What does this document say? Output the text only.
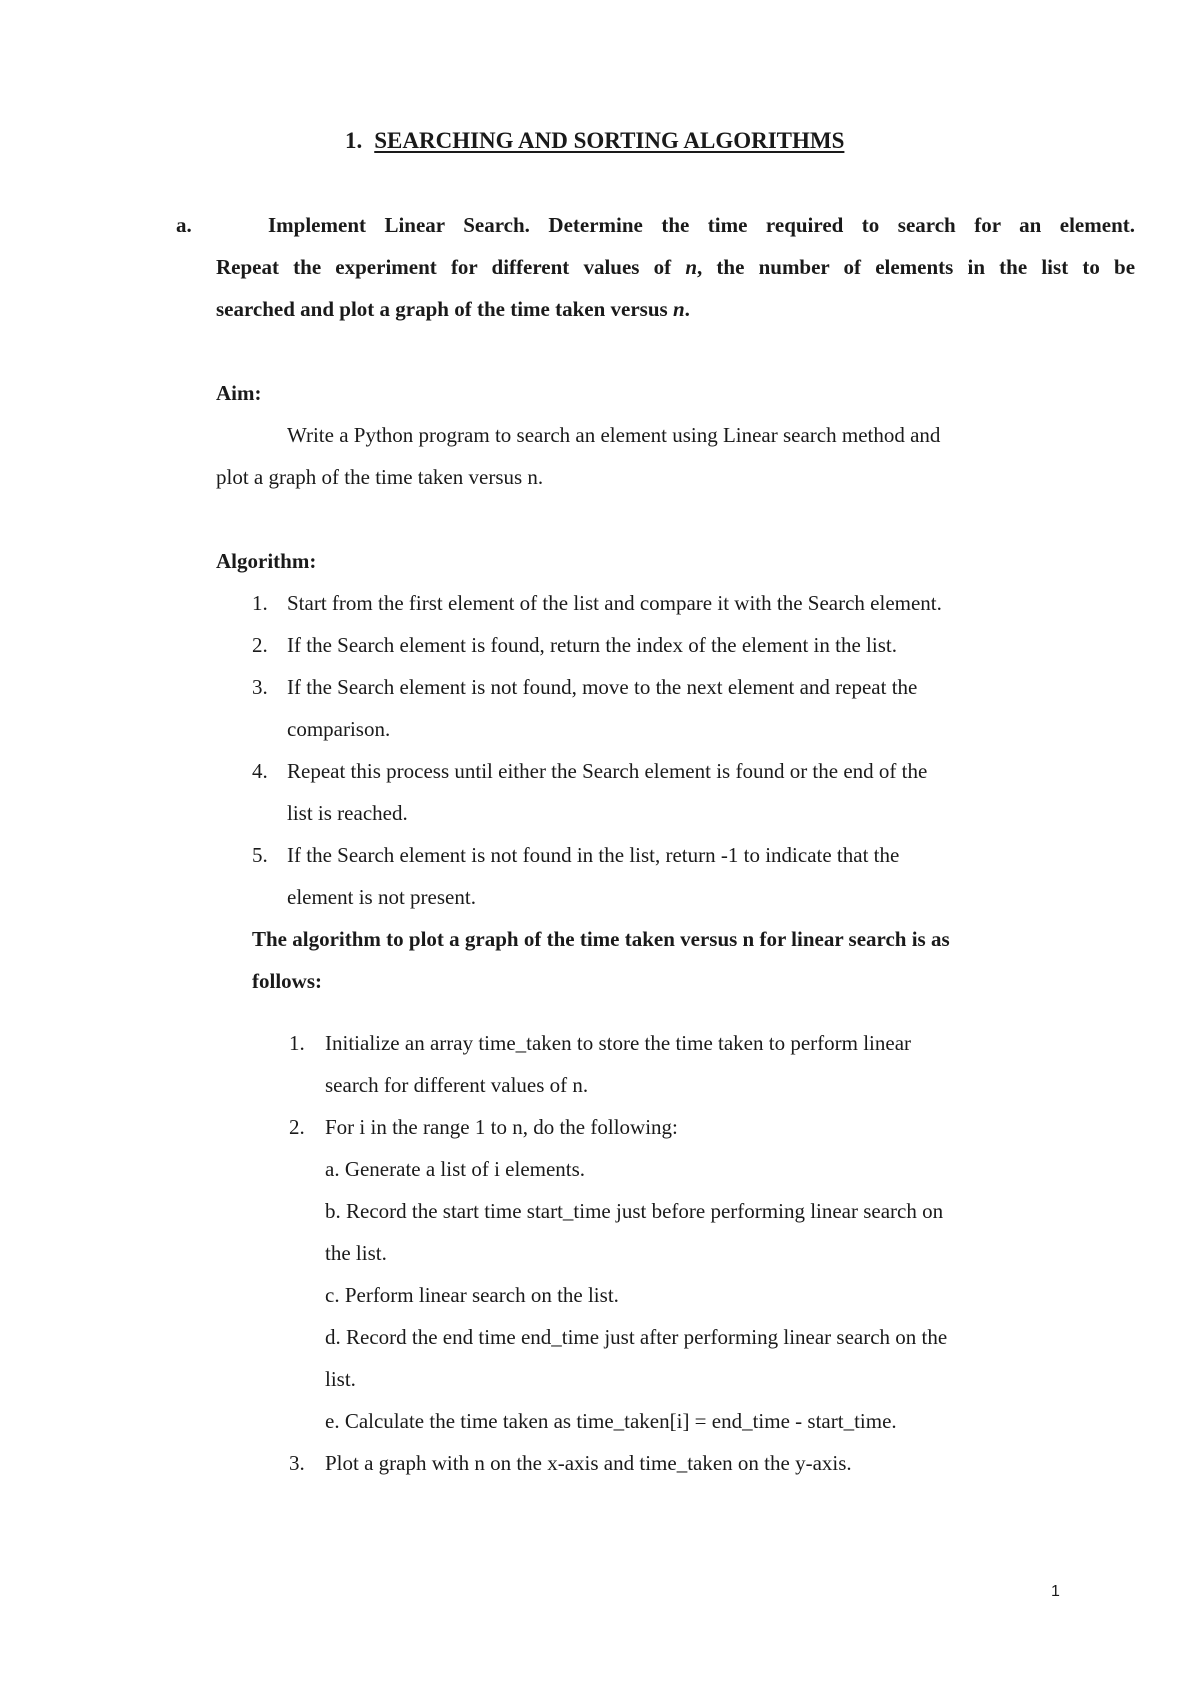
1. SEARCHING AND SORTING ALGORITHMS
a.	Implement Linear Search. Determine the time required to search for an element.
Repeat the experiment for different values of n, the number of elements in the list to be
searched and plot a graph of the time taken versus n.
Aim:
Write a Python program to search an element using Linear search method and
plot a graph of the time taken versus n.
Algorithm:
1. Start from the first element of the list and compare it with the Search element.
2. If the Search element is found, return the index of the element in the list.
3. If the Search element is not found, move to the next element and repeat the
comparison.
4. Repeat this process until either the Search element is found or the end of the
list is reached.
5. If the Search element is not found in the list, return -1 to indicate that the
element is not present.
The algorithm to plot a graph of the time taken versus n for linear search is as
follows:
1. Initialize an array time_taken to store the time taken to perform linear
search for different values of n.
2. For i in the range 1 to n, do the following:
a. Generate a list of i elements.
b. Record the start time start_time just before performing linear search on
the list.
c. Perform linear search on the list.
d. Record the end time end_time just after performing linear search on the
list.
e. Calculate the time taken as time_taken[i] = end_time - start_time.
3. Plot a graph with n on the x-axis and time_taken on the y-axis.
1
